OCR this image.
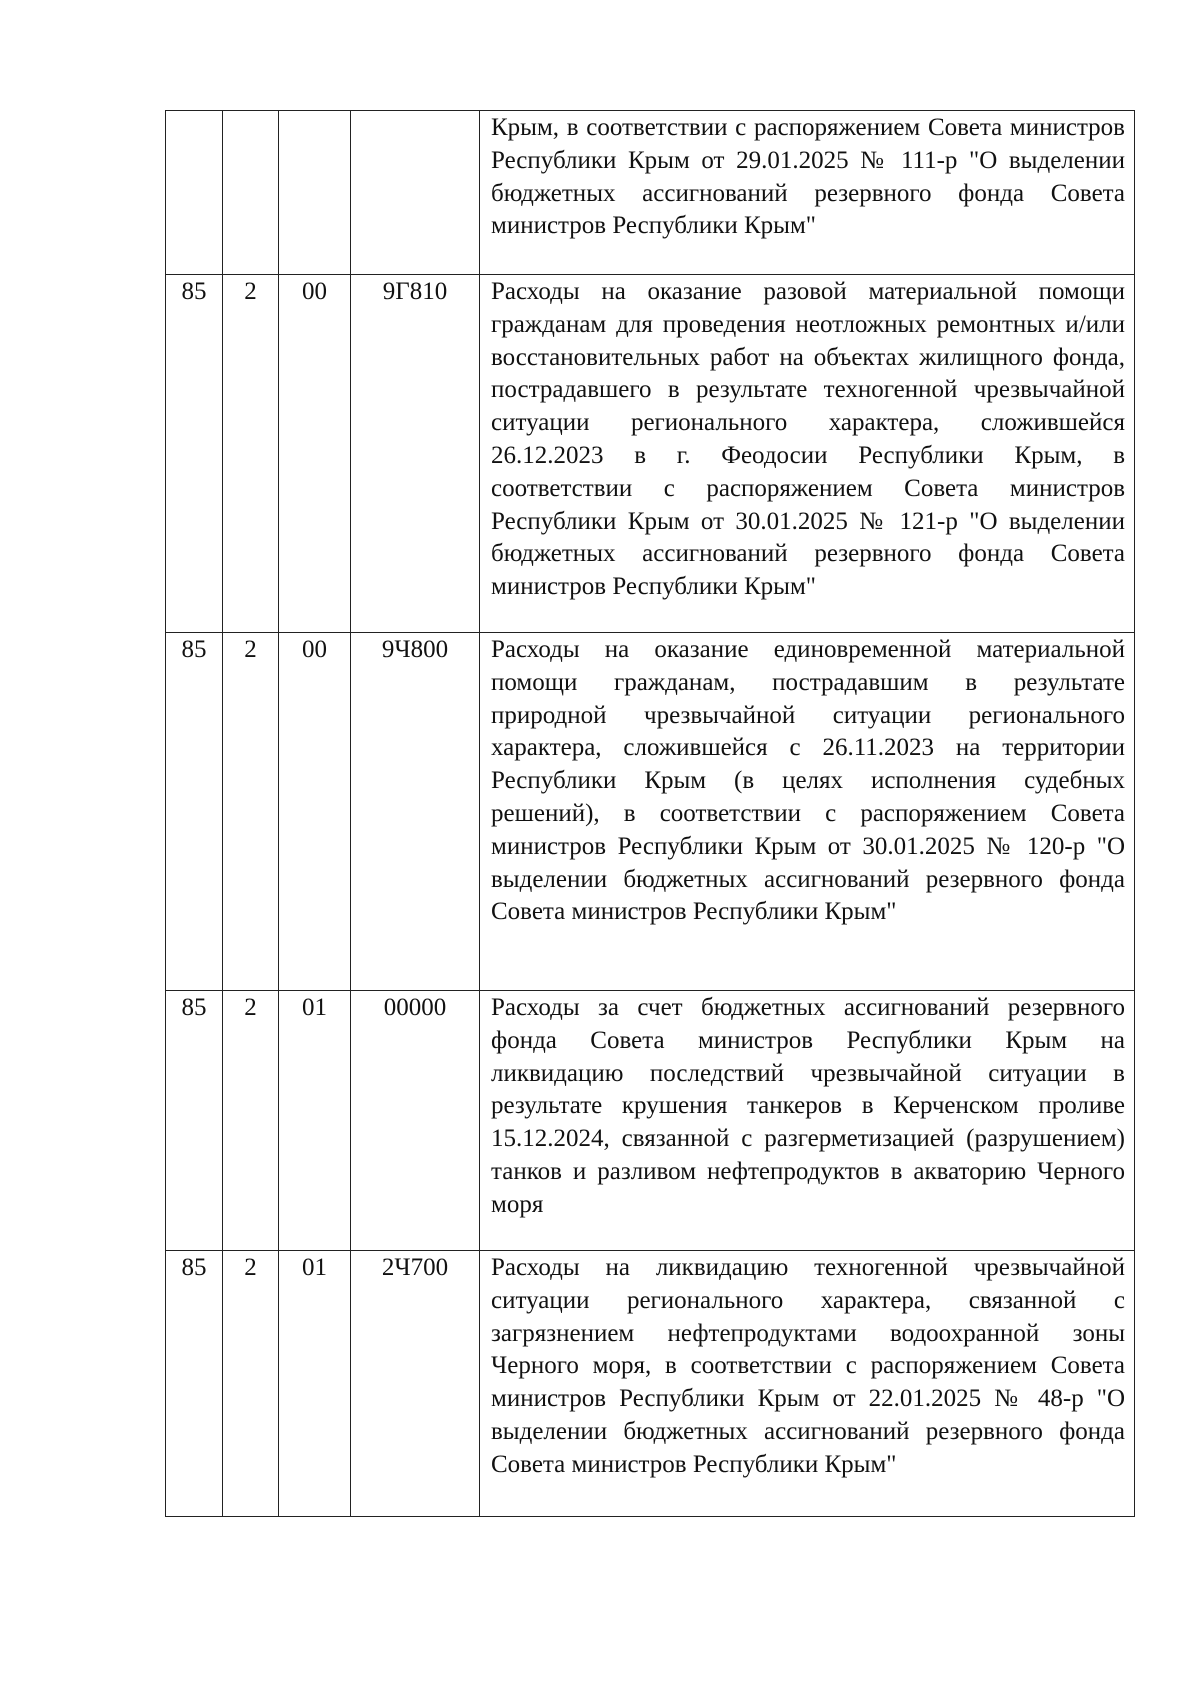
				Крым, в соответствии с распоряжением Совета министров Республики Крым от 29.01.2025 № 111-р "О выделении бюджетных ассигнований резервного фонда Совета министров Республики Крым"
85	2	00	9Г810	Расходы на оказание разовой материальной помощи гражданам для проведения неотложных ремонтных и/или восстановительных работ на объектах жилищного фонда, пострадавшего в результате техногенной чрезвычайной ситуации регионального характера, сложившейся 26.12.2023 в г. Феодосии Республики Крым, в соответствии с распоряжением Совета министров Республики Крым от 30.01.2025 № 121-р "О выделении бюджетных ассигнований резервного фонда Совета министров Республики Крым"
85	2	00	9Ч800	Расходы на оказание единовременной материальной помощи гражданам, пострадавшим в результате природной чрезвычайной ситуации регионального характера, сложившейся с 26.11.2023 на территории Республики Крым (в целях исполнения судебных решений), в соответствии с распоряжением Совета министров Республики Крым от 30.01.2025 № 120-р "О выделении бюджетных ассигнований резервного фонда Совета министров Республики Крым"
85	2	01	00000	Расходы за счет бюджетных ассигнований резервного фонда Совета министров Республики Крым на ликвидацию последствий чрезвычайной ситуации в результате крушения танкеров в Керченском проливе 15.12.2024, связанной с разгерметизацией (разрушением) танков и разливом нефтепродуктов в акваторию Черного моря
85	2	01	2Ч700	Расходы на ликвидацию техногенной чрезвычайной ситуации регионального характера, связанной с загрязнением нефтепродуктами водоохранной зоны Черного моря, в соответствии с распоряжением Совета министров Республики Крым от 22.01.2025 № 48-р "О выделении бюджетных ассигнований резервного фонда Совета министров Республики Крым"
